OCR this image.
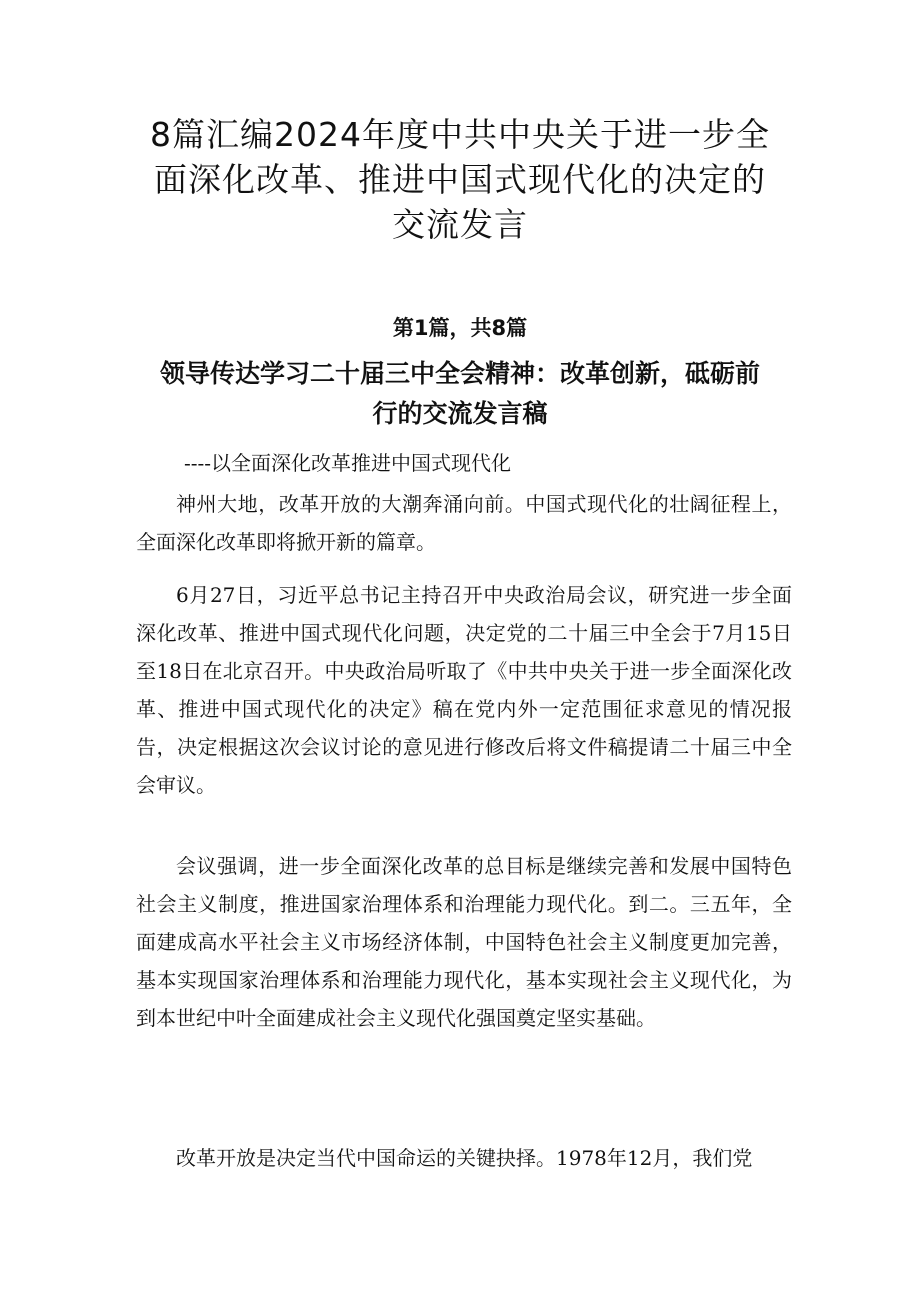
8篇汇编2024年度中共中央关于进一步全面深化改革、推进中国式现代化的决定的交流发言
第1篇，共8篇
领导传达学习二十届三中全会精神：改革创新，砥砺前行的交流发言稿
----以全面深化改革推进中国式现代化

神州大地，改革开放的大潮奔涌向前。中国式现代化的壮阔征程上，全面深化改革即将掀开新的篇章。

6月27日，习近平总书记主持召开中央政治局会议，研究进一步全面深化改革、推进中国式现代化问题，决定党的二十届三中全会于7月15日至18日在北京召开。中央政治局听取了《中共中央关于进一步全面深化改革、推进中国式现代化的决定》稿在党内外一定范围征求意见的情况报告，决定根据这次会议讨论的意见进行修改后将文件稿提请二十届三中全会审议。

会议强调，进一步全面深化改革的总目标是继续完善和发展中国特色社会主义制度，推进国家治理体系和治理能力现代化。到二。三五年，全面建成高水平社会主义市场经济体制，中国特色社会主义制度更加完善，基本实现国家治理体系和治理能力现代化，基本实现社会主义现代化，为到本世纪中叶全面建成社会主义现代化强国奠定坚实基础。

改革开放是决定当代中国命运的关键抉择。1978年12月，我们党
